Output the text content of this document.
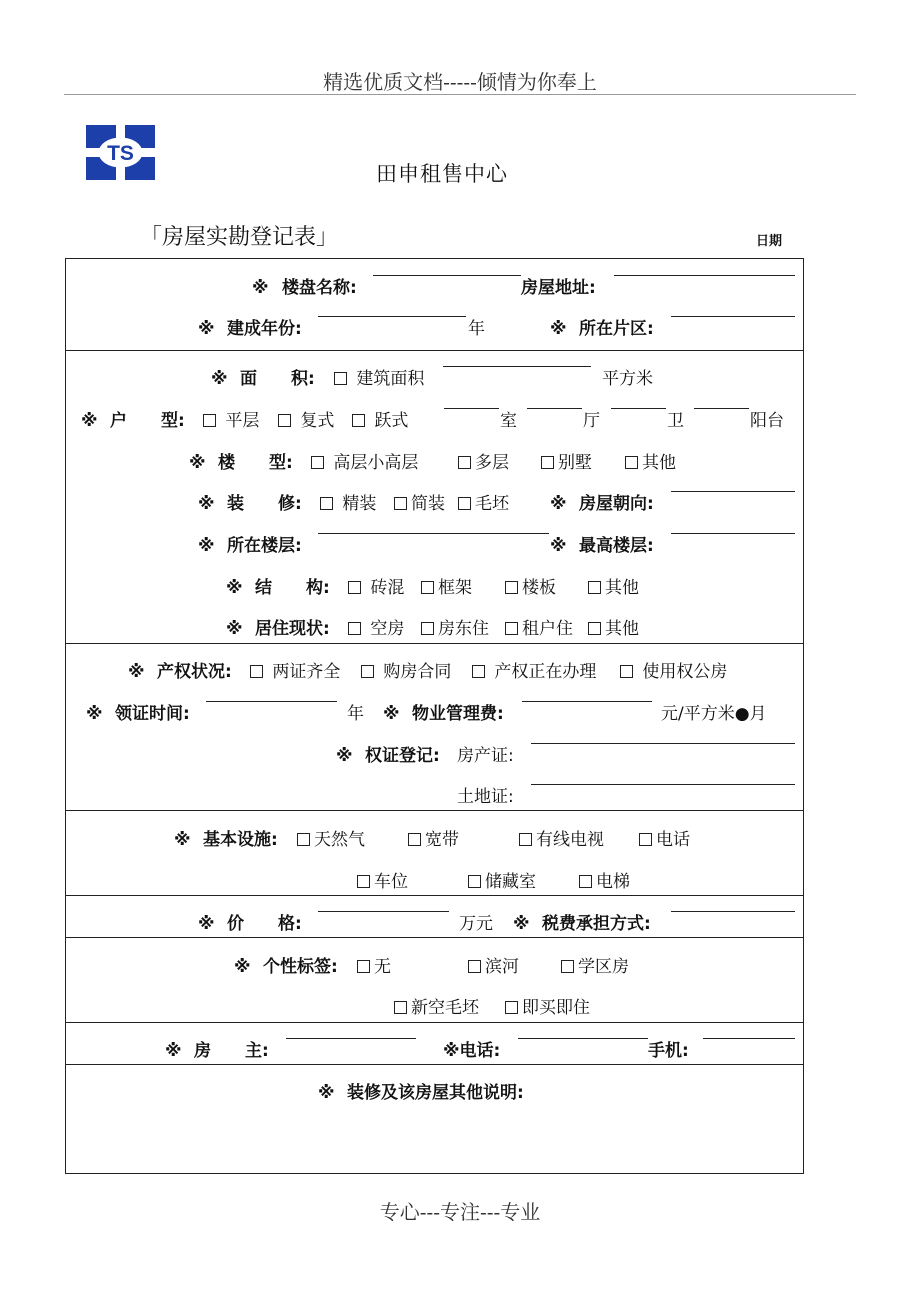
精选优质文档-----倾情为你奉上
TS
田申租售中心
「房屋实勘登记表」	日期
※ 楼盘名称:	房屋地址:
※ 建成年份:	年	※ 所在片区:
※ 面　　积:	建筑面积	平方米
※ 户　　型:	平层	复式	跃式	室	厅	卫	阳台
※ 楼　　型:	高层小高层	多层	别墅	其他
※ 装　　修:	精装	简装	毛坯 ※ 房屋朝向:
※ 所在楼层:	※ 最高楼层:
※ 结　　构:	砖混	框架	楼板	其他
※ 居住现状:	空房	房东住	租户住	其他
※ 产权状况:	两证齐全	购房合同	产权正在办理	使用权公房
※ 领证时间:	年 ※ 物业管理费:	元/平方米●月
※ 权证登记: 房产证:
土地证:
※ 基本设施:	天然气	宽带	有线电视	电话
车位	储藏室	电梯
※ 价　　格:	万元 ※ 税费承担方式:
※ 个性标签:	无	滨河	学区房
新空毛坯	即买即住
※ 房　　主:	※电话:	手机:
※ 装修及该房屋其他说明:
专心---专注---专业
